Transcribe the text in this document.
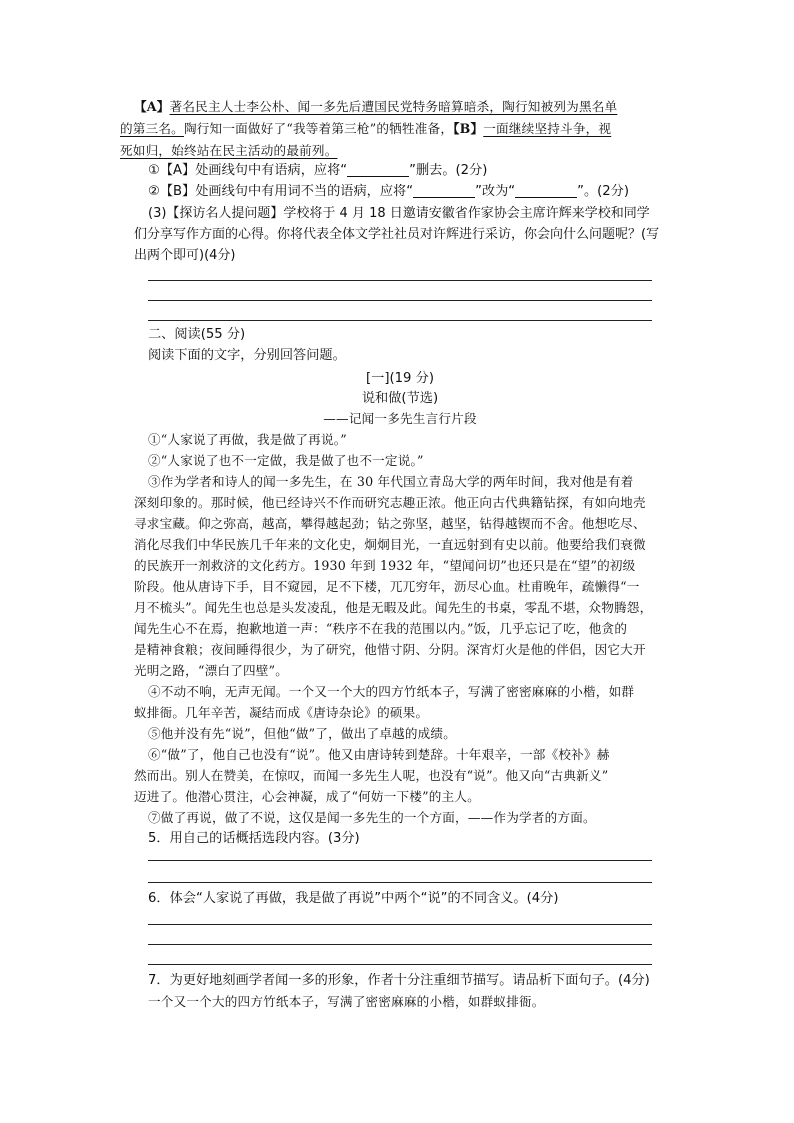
【A】著名民主人士李公朴、闻一多先后遭国民党特务暗算暗杀，陶行知被列为黑名单
的第三名。陶行知一面做好了“我等着第三枪”的牺牲准备，【B】一面继续坚持斗争，视
死如归，始终站在民主活动的最前列。
①【A】处画线句中有语病，应将“	”删去。(2分)
②【B】处画线句中有用词不当的语病，应将“	”改为“	”。(2分)
(3)【探访名人提问题】学校将于 4 月 18 日邀请安徽省作家协会主席许辉来学校和同学
们分享写作方面的心得。你将代表全体文学社社员对许辉进行采访，你会向什么问题呢？(写
出两个即可)(4分)
二、阅读(55 分)
阅读下面的文字，分别回答问题。
[一](19 分)
说和做(节选)
——记闻一多先生言行片段
①“人家说了再做，我是做了再说。”
②“人家说了也不一定做，我是做了也不一定说。”
③作为学者和诗人的闻一多先生，在 30 年代国立青岛大学的两年时间，我对他是有着
深刻印象的。那时候，他已经诗兴不作而研究志趣正浓。他正向古代典籍钻探，有如向地壳
寻求宝藏。仰之弥高，越高，攀得越起劲；钻之弥坚，越坚，钻得越锲而不舍。他想吃尽、
消化尽我们中华民族几千年来的文化史，炯炯目光，一直远射到有史以前。他要给我们衰微
的民族开一剂救济的文化药方。1930 年到 1932 年，“望闻问切”也还只是在“望”的初级
阶段。他从唐诗下手，目不窥园，足不下楼，兀兀穷年，沥尽心血。杜甫晚年，疏懒得“一
月不梳头”。闻先生也总是头发凌乱，他是无暇及此。闻先生的书桌，零乱不堪，众物腾怨，
闻先生心不在焉，抱歉地道一声：“秩序不在我的范围以内。”饭，几乎忘记了吃，他贪的
是精神食粮；夜间睡得很少，为了研究，他惜寸阴、分阴。深宵灯火是他的伴侣，因它大开
光明之路，“漂白了四壁”。
④不动不响，无声无闻。一个又一个大的四方竹纸本子，写满了密密麻麻的小楷，如群
蚁排衙。几年辛苦，凝结而成《唐诗杂论》的硕果。
⑤他并没有先“说”，但他“做”了，做出了卓越的成绩。
⑥“做”了，他自己也没有“说”。他又由唐诗转到楚辞。十年艰辛，一部《校补》赫
然而出。别人在赞美，在惊叹，而闻一多先生人呢，也没有“说”。他又向“古典新义”
迈进了。他潜心贯注，心会神凝，成了“何妨一下楼”的主人。
⑦做了再说，做了不说，这仅是闻一多先生的一个方面，——作为学者的方面。
5．用自己的话概括选段内容。(3分)
6．体会“人家说了再做，我是做了再说”中两个“说”的不同含义。(4分)
7．为更好地刻画学者闻一多的形象，作者十分注重细节描写。请品析下面句子。(4分)
一个又一个大的四方竹纸本子，写满了密密麻麻的小楷，如群蚁排衙。
